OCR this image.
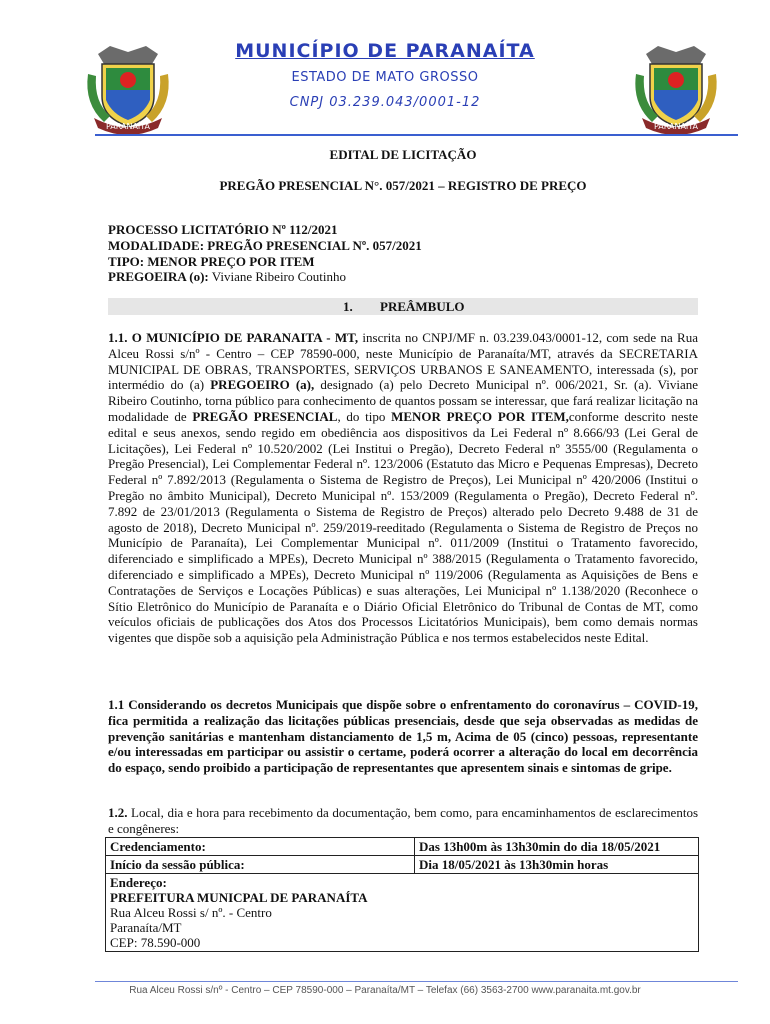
PARANAÍTA
MUNICÍPIO DE PARANAÍTA
ESTADO DE MATO GROSSO
CNPJ 03.239.043/0001-12
PARANAÍTA
EDITAL DE LICITAÇÃO
PREGÃO PRESENCIAL N°. 057/2021 – REGISTRO DE PREÇO
PROCESSO LICITATÓRIO Nº 112/2021
MODALIDADE: PREGÃO PRESENCIAL Nº. 057/2021
TIPO: MENOR PREÇO POR ITEM
PREGOEIRA (o): Viviane Ribeiro Coutinho
1. PREÂMBULO
1.1. O MUNICÍPIO DE PARANAITA - MT, inscrita no CNPJ/MF n. 03.239.043/0001-12, com sede na Rua Alceu Rossi s/nº - Centro – CEP 78590-000, neste Município de Paranaíta/MT, através da SECRETARIA MUNICIPAL DE OBRAS, TRANSPORTES, SERVIÇOS URBANOS E SANEAMENTO, interessada (s), por intermédio do (a) PREGOEIRO (a), designado (a) pelo Decreto Municipal nº. 006/2021, Sr. (a). Viviane Ribeiro Coutinho, torna público para conhecimento de quantos possam se interessar, que fará realizar licitação na modalidade de PREGÃO PRESENCIAL, do tipo MENOR PREÇO POR ITEM,conforme descrito neste edital e seus anexos, sendo regido em obediência aos dispositivos da Lei Federal nº 8.666/93 (Lei Geral de Licitações), Lei Federal nº 10.520/2002 (Lei Institui o Pregão), Decreto Federal nº 3555/00 (Regulamenta o Pregão Presencial), Lei Complementar Federal nº. 123/2006 (Estatuto das Micro e Pequenas Empresas), Decreto Federal nº 7.892/2013 (Regulamenta o Sistema de Registro de Preços), Lei Municipal nº 420/2006 (Institui o Pregão no âmbito Municipal), Decreto Municipal nº. 153/2009 (Regulamenta o Pregão), Decreto Federal nº. 7.892 de 23/01/2013 (Regulamenta o Sistema de Registro de Preços) alterado pelo Decreto 9.488 de 31 de agosto de 2018), Decreto Municipal nº. 259/2019-reeditado (Regulamenta o Sistema de Registro de Preços no Município de Paranaíta), Lei Complementar Municipal nº. 011/2009 (Institui o Tratamento favorecido, diferenciado e simplificado a MPEs), Decreto Municipal nº 388/2015 (Regulamenta o Tratamento favorecido, diferenciado e simplificado a MPEs), Decreto Municipal nº 119/2006 (Regulamenta as Aquisições de Bens e Contratações de Serviços e Locações Públicas) e suas alterações, Lei Municipal nº 1.138/2020 (Reconhece o Sítio Eletrônico do Município de Paranaíta e o Diário Oficial Eletrônico do Tribunal de Contas de MT, como veículos oficiais de publicações dos Atos dos Processos Licitatórios Municipais), bem como demais normas vigentes que dispõe sob a aquisição pela Administração Pública e nos termos estabelecidos neste Edital.
1.1 Considerando os decretos Municipais que dispõe sobre o enfrentamento do coronavírus – COVID-19, fica permitida a realização das licitações públicas presenciais, desde que seja observadas as medidas de prevenção sanitárias e mantenham distanciamento de 1,5 m, Acima de 05 (cinco) pessoas, representante e/ou interessadas em participar ou assistir o certame, poderá ocorrer a alteração do local em decorrência do espaço, sendo proibido a participação de representantes que apresentem sinais e sintomas de gripe.
1.2. Local, dia e hora para recebimento da documentação, bem como, para encaminhamentos de esclarecimentos e congêneres:
Credenciamento:	Das 13h00m às 13h30min do dia 18/05/2021
Início da sessão pública:	Dia 18/05/2021 às 13h30min horas

Endereço:
PREFEITURA MUNICPAL DE PARANAÍTA
Rua Alceu Rossi s/ nº. - Centro
Paranaíta/MT
CEP: 78.590-000	
Rua Alceu Rossi s/nº - Centro – CEP 78590-000 – Paranaíta/MT – Telefax (66) 3563-2700 www.paranaita.mt.gov.br
